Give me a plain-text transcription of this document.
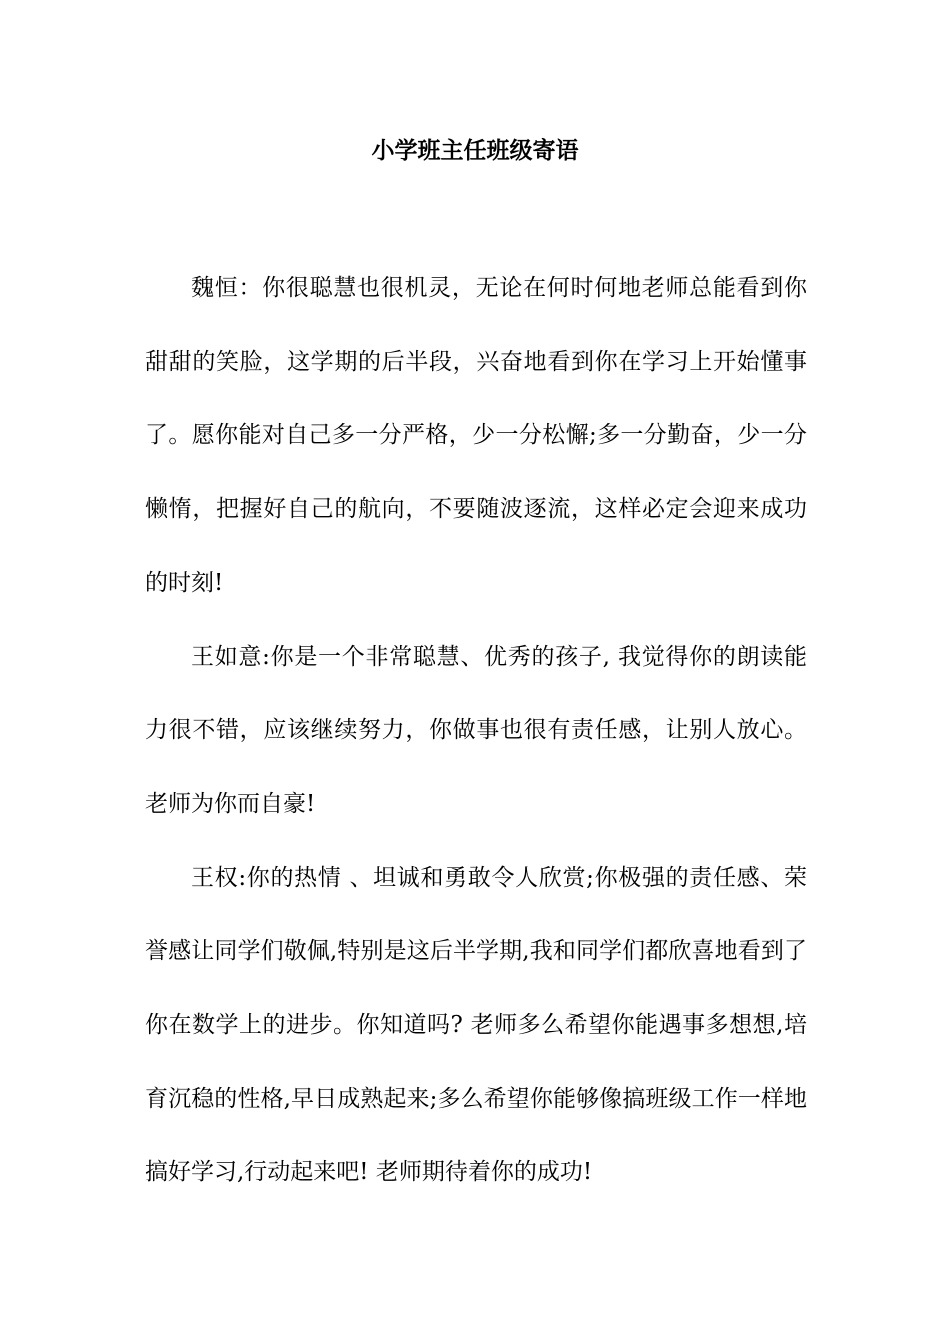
小学班主任班级寄语

魏恒：你很聪慧也很机灵，无论在何时何地老师总能看到你甜甜的笑脸，这学期的后半段，兴奋地看到你在学习上开始懂事了。愿你能对自己多一分严格，少一分松懈;多一分勤奋，少一分懒惰，把握好自己的航向，不要随波逐流，这样必定会迎来成功的时刻!

王如意:你是一个非常聪慧、优秀的孩子, 我觉得你的朗读能力很不错，应该继续努力，你做事也很有责任感，让别人放心。老师为你而自豪!

王权:你的热情 、坦诚和勇敢令人欣赏;你极强的责任感、荣誉感让同学们敬佩,特别是这后半学期,我和同学们都欣喜地看到了你在数学上的进步。你知道吗? 老师多么希望你能遇事多想想,培育沉稳的性格,早日成熟起来;多么希望你能够像搞班级工作一样地搞好学习,行动起来吧! 老师期待着你的成功!
